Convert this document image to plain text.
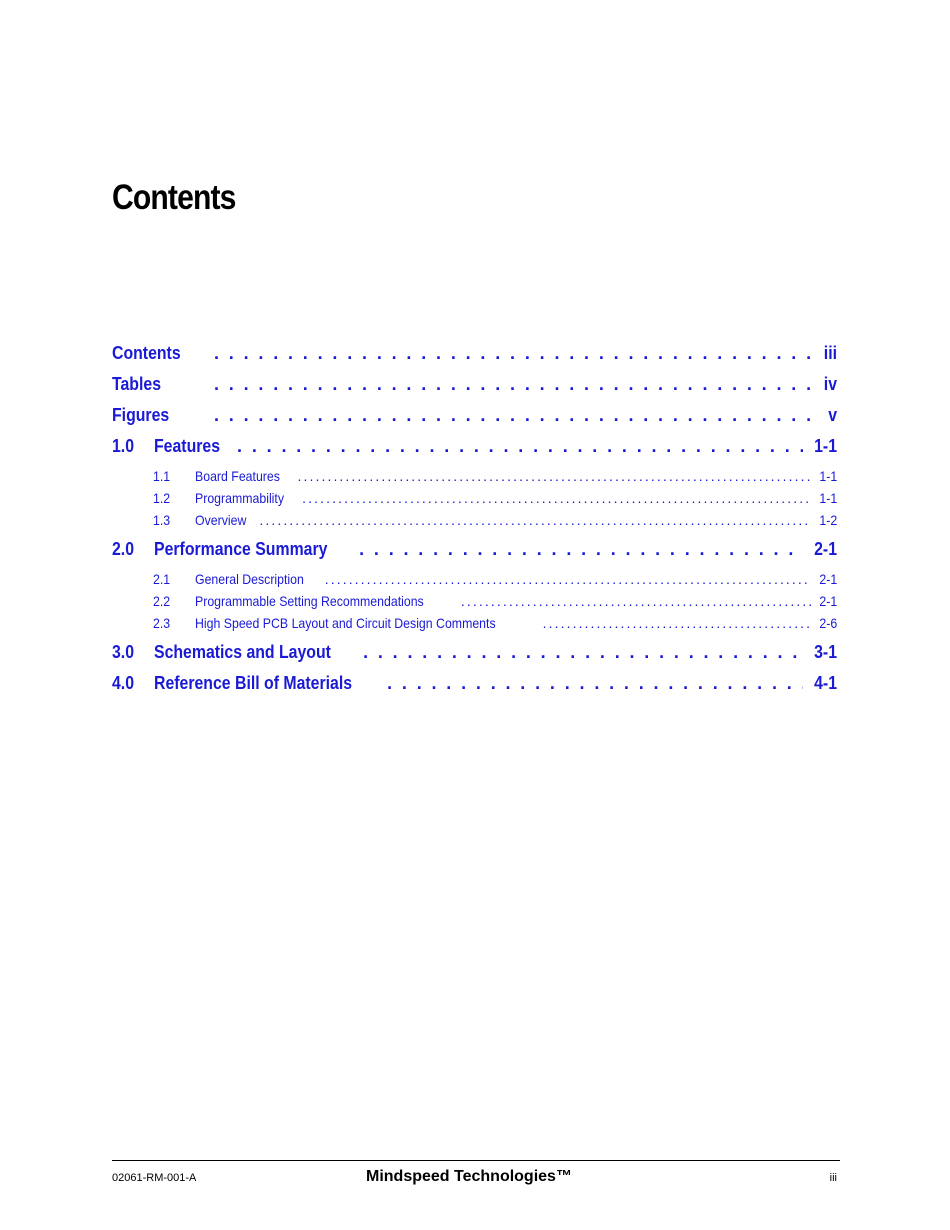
Contents
Contents . . .	iii
Tables . . .	iv
Figures . . .	v
1.0	Features . . .	1-1
1.1	Board Features .....	1-1
1.2	Programmability .....	1-1
1.3	Overview .....	1-2
2.0	Performance Summary . . .	2-1
2.1	General Description .....	2-1
2.2	Programmable Setting Recommendations .....	2-1
2.3	High Speed PCB Layout and Circuit Design Comments .....	2-6
3.0	Schematics and Layout . . .	3-1
4.0	Reference Bill of Materials . . .	4-1
02061-RM-001-A	Mindspeed Technologies™	iii
